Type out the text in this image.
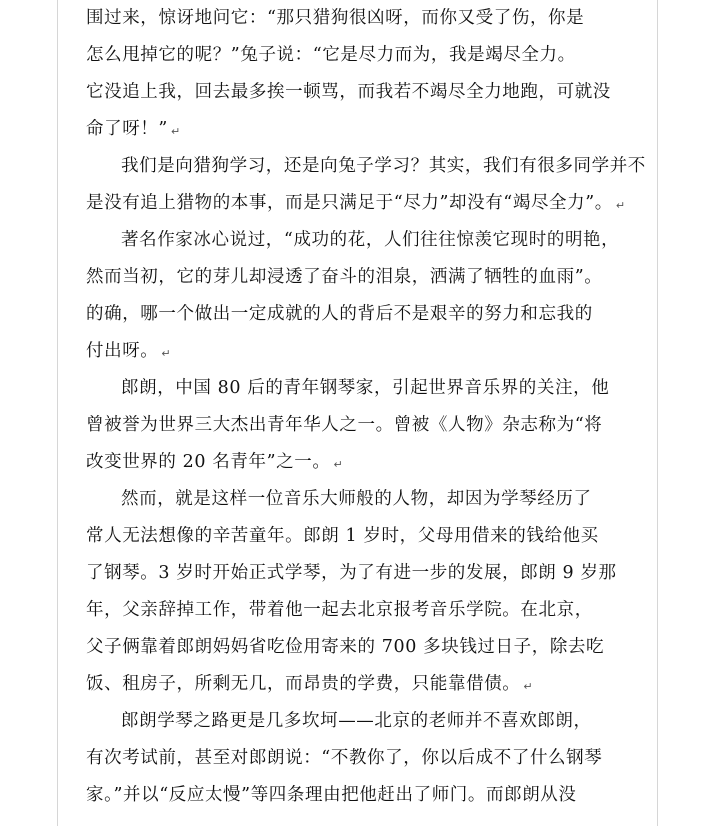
围过来，惊讶地问它：“那只猎狗很凶呀，而你又受了伤，你是
怎么甩掉它的呢？”兔子说：“它是尽力而为，我是竭尽全力。
它没追上我，回去最多挨一顿骂，而我若不竭尽全力地跑，可就没
命了呀！” ↵
我们是向猎狗学习，还是向兔子学习？其实，我们有很多同学并不
是没有追上猎物的本事，而是只满足于“尽力”却没有“竭尽全力”。 ↵
著名作家冰心说过，“成功的花，人们往往惊羡它现时的明艳，
然而当初，它的芽儿却浸透了奋斗的泪泉，洒满了牺牲的血雨”。
的确，哪一个做出一定成就的人的背后不是艰辛的努力和忘我的
付出呀。 ↵
郎朗，中国 80 后的青年钢琴家，引起世界音乐界的关注，他
曾被誉为世界三大杰出青年华人之一。曾被《人物》杂志称为“将
改变世界的 20 名青年”之一。 ↵
然而，就是这样一位音乐大师般的人物，却因为学琴经历了
常人无法想像的辛苦童年。郎朗 1 岁时，父母用借来的钱给他买
了钢琴。3 岁时开始正式学琴，为了有进一步的发展，郎朗 9 岁那
年，父亲辞掉工作，带着他一起去北京报考音乐学院。在北京，
父子俩靠着郎朗妈妈省吃俭用寄来的 700 多块钱过日子，除去吃
饭、租房子，所剩无几，而昂贵的学费，只能靠借债。 ↵
郎朗学琴之路更是几多坎坷——北京的老师并不喜欢郎朗，
有次考试前，甚至对郎朗说：“不教你了，你以后成不了什么钢琴
家。”并以“反应太慢”等四条理由把他赶出了师门。而郎朗从没
